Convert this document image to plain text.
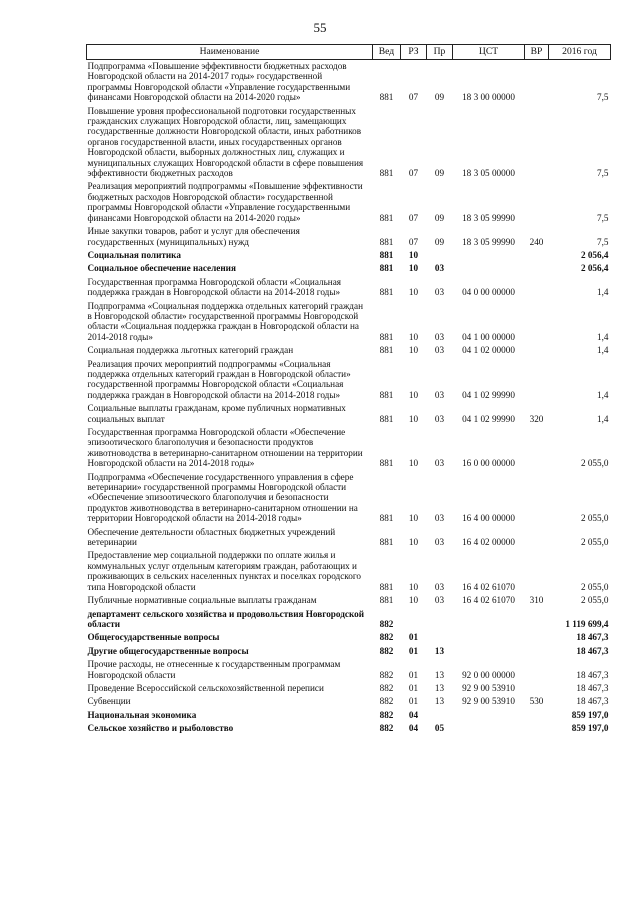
55
Наименование	Вед	РЗ	Пр	ЦСТ	ВР	2016 год
Подпрограмма «Повышение эффективности бюджетных расходов Новгородской области на 2014-2017 годы» государственной программы Новгородской области «Управление государственными финансами Новгородской области на 2014-2020 годы»	881	07	09	18 3 00 00000		7,5
Повышение уровня профессиональной подготовки государственных гражданских служащих Новгородской области, лиц, замещающих государственные должности Новгородской области, иных работников органов государственной власти, иных государственных органов Новгородской области, выборных должностных лиц, служащих и муниципальных служащих Новгородской области в сфере повышения эффективности бюджетных расходов	881	07	09	18 3 05 00000		7,5
Реализация мероприятий подпрограммы «Повышение эффективности бюджетных расходов Новгородской области» государственной программы Новгородской области «Управление государственными финансами Новгородской области на 2014-2020 годы»	881	07	09	18 3 05 99990		7,5
Иные закупки товаров, работ и услуг для обеспечения государственных (муниципальных) нужд	881	07	09	18 3 05 99990	240	7,5
Социальная политика	881	10				2 056,4
Социальное обеспечение населения	881	10	03			2 056,4
Государственная программа Новгородской области «Социальная поддержка граждан в Новгородской области на 2014-2018 годы»	881	10	03	04 0 00 00000		1,4
Подпрограмма «Социальная поддержка отдельных категорий граждан в Новгородской области» государственной программы Новгородской области «Социальная поддержка граждан в Новгородской области на 2014-2018 годы»	881	10	03	04 1 00 00000		1,4
Социальная поддержка льготных категорий граждан	881	10	03	04 1 02 00000		1,4
Реализация прочих мероприятий подпрограммы «Социальная поддержка отдельных категорий граждан в Новгородской области» государственной программы Новгородской области «Социальная поддержка граждан в Новгородской области на 2014-2018 годы»	881	10	03	04 1 02 99990		1,4
Социальные выплаты гражданам, кроме публичных нормативных социальных выплат	881	10	03	04 1 02 99990	320	1,4
Государственная программа Новгородской области «Обеспечение эпизоотического благополучия и безопасности продуктов животноводства в ветеринарно-санитарном отношении на территории Новгородской области на 2014-2018 годы»	881	10	03	16 0 00 00000		2 055,0
Подпрограмма «Обеспечение государственного управления в сфере ветеринарии» государственной программы Новгородской области «Обеспечение эпизоотического благополучия и безопасности продуктов животноводства в ветеринарно-санитарном отношении на территории Новгородской области на 2014-2018 годы»	881	10	03	16 4 00 00000		2 055,0
Обеспечение деятельности областных бюджетных учреждений ветеринарии	881	10	03	16 4 02 00000		2 055,0
Предоставление мер социальной поддержки по оплате жилья и коммунальных услуг отдельным категориям граждан, работающих и проживающих в сельских населенных пунктах и поселках городского типа Новгородской области	881	10	03	16 4 02 61070		2 055,0
Публичные нормативные социальные выплаты гражданам	881	10	03	16 4 02 61070	310	2 055,0
департамент сельского хозяйства и продовольствия Новгородской области	882					1 119 699,4
Общегосударственные вопросы	882	01				18 467,3
Другие общегосударственные вопросы	882	01	13			18 467,3
Прочие расходы, не отнесенные к государственным программам Новгородской области	882	01	13	92 0 00 00000		18 467,3
Проведение Всероссийской сельскохозяйственной переписи	882	01	13	92 9 00 53910		18 467,3
Субвенции	882	01	13	92 9 00 53910	530	18 467,3
Национальная экономика	882	04				859 197,0
Сельское хозяйство и рыболовство	882	04	05			859 197,0
